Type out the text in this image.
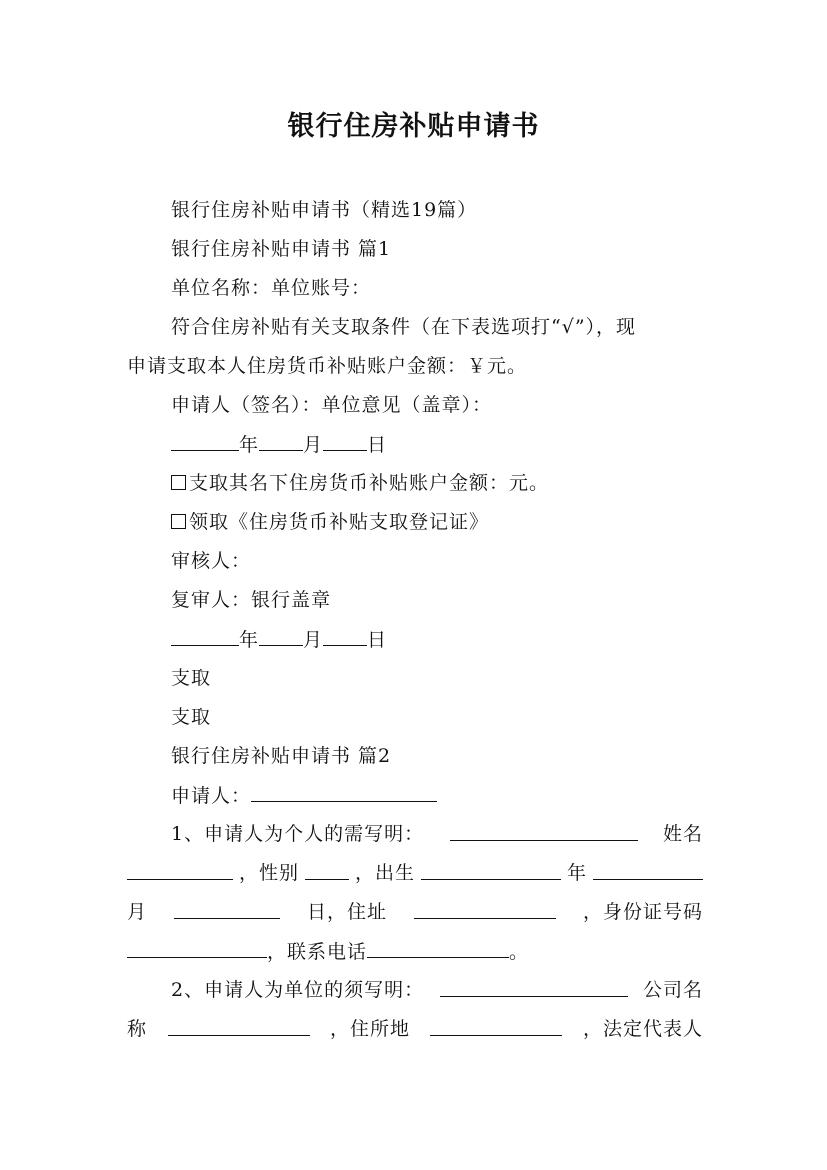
银行住房补贴申请书
银行住房补贴申请书（精选19篇）
银行住房补贴申请书 篇1
单位名称：单位账号：
符合住房补贴有关支取条件（在下表选项打“√”），现
申请支取本人住房货币补贴账户金额：￥元。
申请人（签名）：单位意见（盖章）：
年 月 日
支取其名下住房货币补贴账户金额：元。
领取《住房货币补贴支取登记证》
审核人：
复审人：银行盖章
年 月 日
支取
支取
银行住房补贴申请书 篇2
申请人：
1、申请人为个人的需写明：	姓名
，性别	，出生	年
月	日，住址	，身份证号码
，联系电话	。
2、申请人为单位的须写明：	公司名
称	，住所地	，法定代表人
